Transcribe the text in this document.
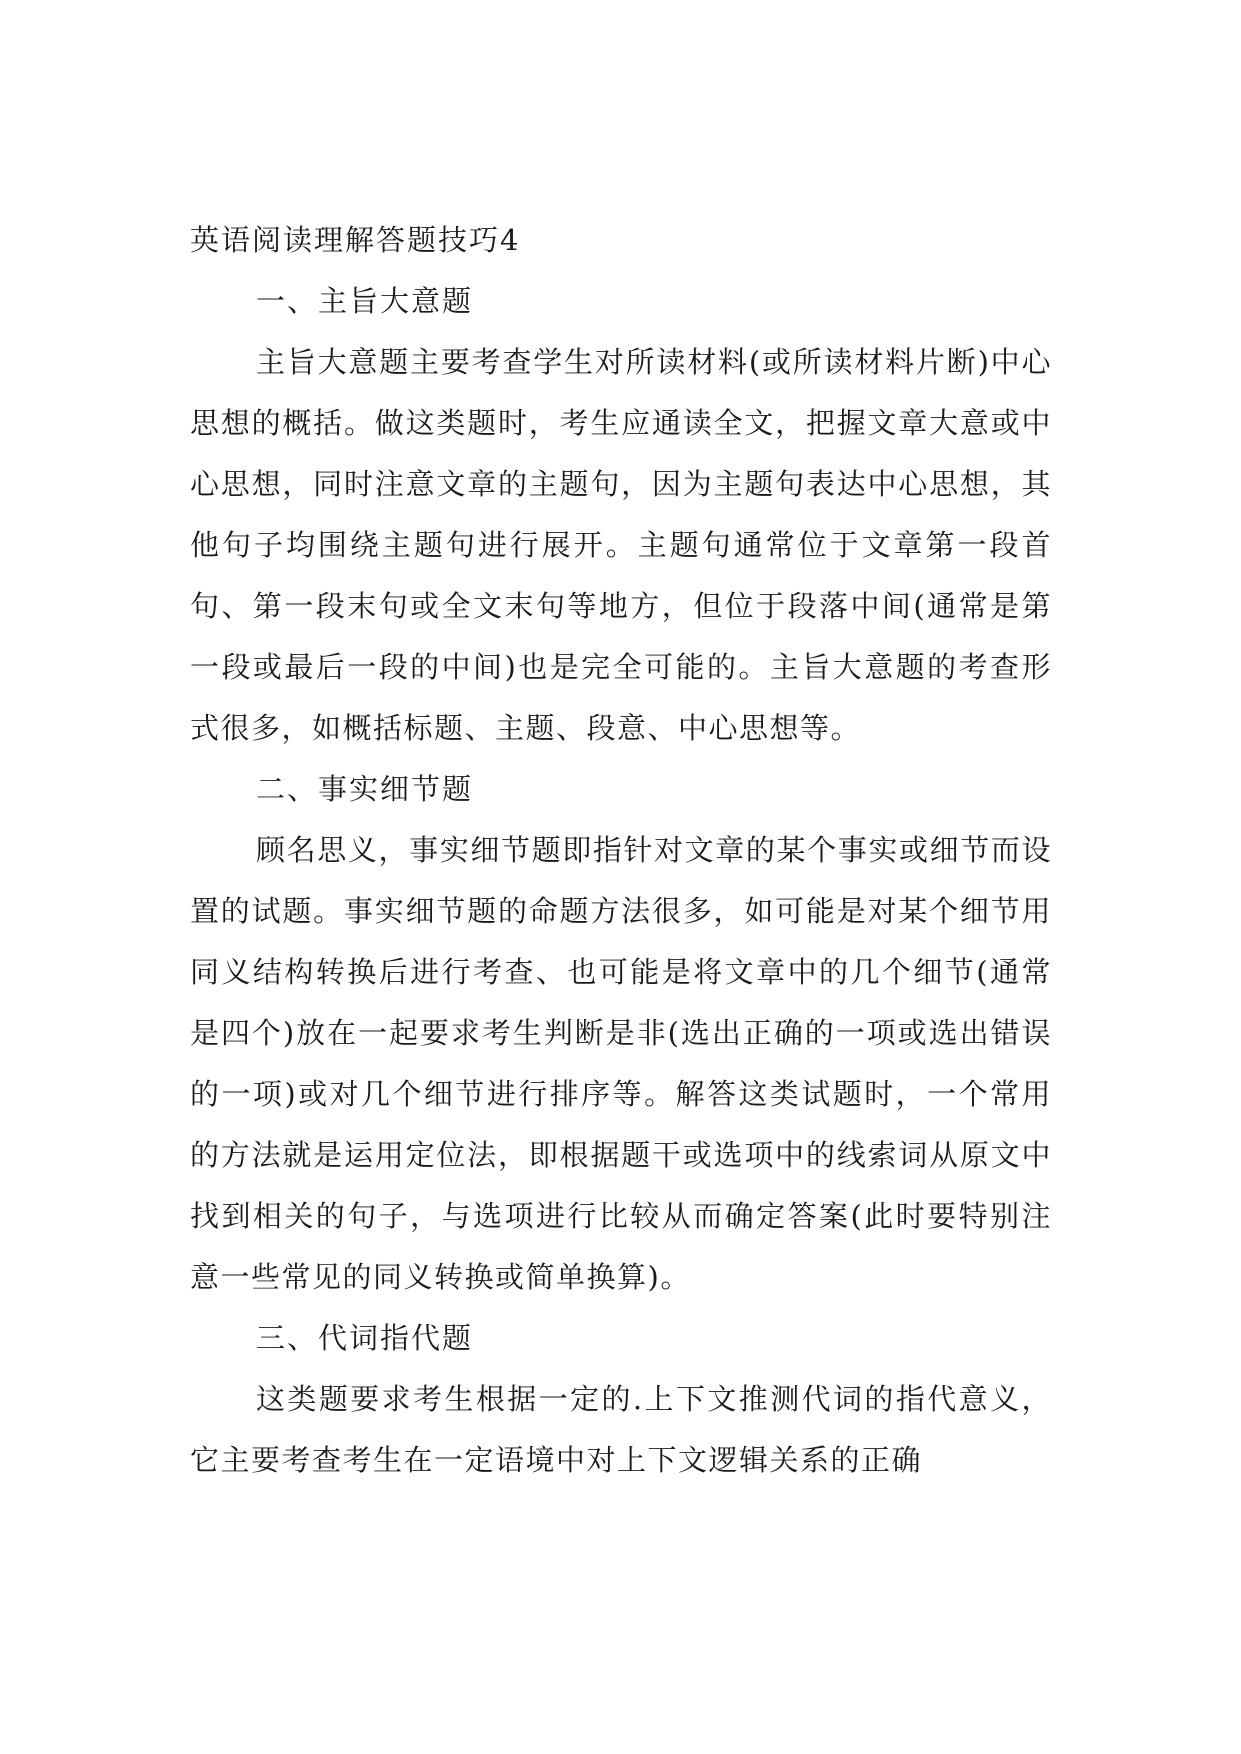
英语阅读理解答题技巧4

一、主旨大意题

主旨大意题主要考查学生对所读材料(或所读材料片断)中心思想的概括。做这类题时，考生应通读全文，把握文章大意或中心思想，同时注意文章的主题句，因为主题句表达中心思想，其他句子均围绕主题句进行展开。主题句通常位于文章第一段首句、第一段末句或全文末句等地方，但位于段落中间(通常是第一段或最后一段的中间)也是完全可能的。主旨大意题的考查形式很多，如概括标题、主题、段意、中心思想等。

二、事实细节题

顾名思义，事实细节题即指针对文章的某个事实或细节而设置的试题。事实细节题的命题方法很多，如可能是对某个细节用同义结构转换后进行考查、也可能是将文章中的几个细节(通常是四个)放在一起要求考生判断是非(选出正确的一项或选出错误的一项)或对几个细节进行排序等。解答这类试题时，一个常用的方法就是运用定位法，即根据题干或选项中的线索词从原文中找到相关的句子，与选项进行比较从而确定答案(此时要特别注意一些常见的同义转换或简单换算)。

三、代词指代题

这类题要求考生根据一定的.上下文推测代词的指代意义，它主要考查考生在一定语境中对上下文逻辑关系的正确
